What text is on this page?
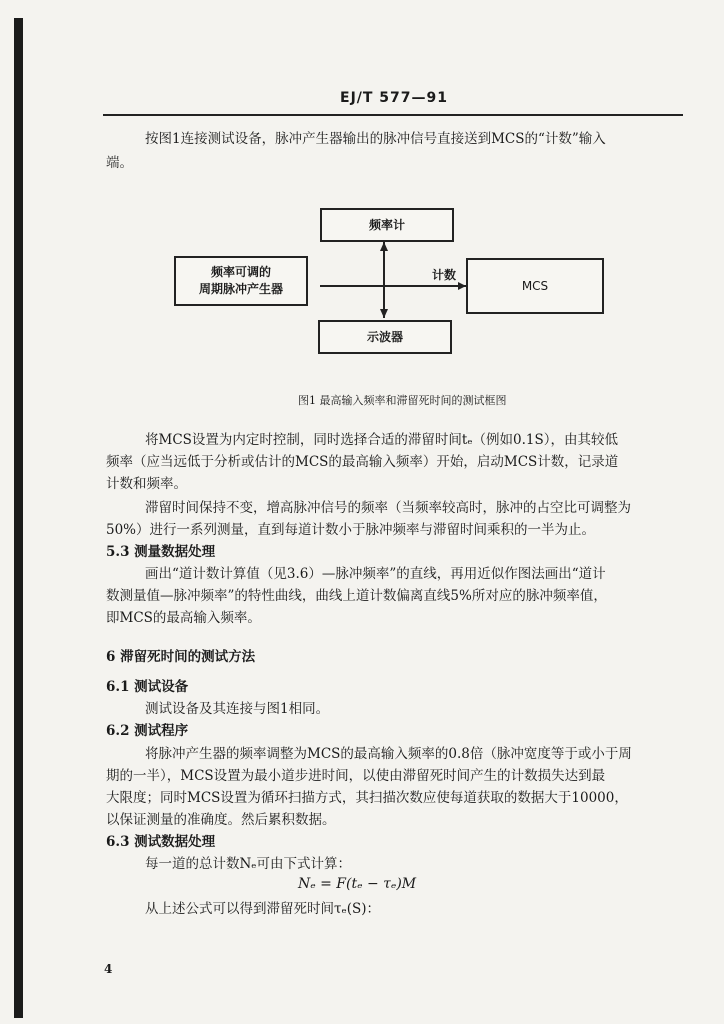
EJ/T 577—91
按图1连接测试设备，脉冲产生器输出的脉冲信号直接送到MCS的“计数”输入
端。
频率计
频率可调的
周期脉冲产生器
计数
MCS
示波器
图1 最高输入频率和滞留死时间的测试框图
将MCS设置为内定时控制，同时选择合适的滞留时间tₑ（例如0.1S），由其较低
频率（应当远低于分析或估计的MCS的最高输入频率）开始，启动MCS计数，记录道
计数和频率。
滞留时间保持不变，增高脉冲信号的频率（当频率较高时，脉冲的占空比可调整为
50%）进行一系列测量，直到每道计数小于脉冲频率与滞留时间乘积的一半为止。
5.3 测量数据处理
画出“道计数计算值（见3.6）—脉冲频率”的直线，再用近似作图法画出“道计
数测量值—脉冲频率”的特性曲线，曲线上道计数偏离直线5%所对应的脉冲频率值，
即MCS的最高输入频率。
6 滞留死时间的测试方法
6.1 测试设备
测试设备及其连接与图1相同。
6.2 测试程序
将脉冲产生器的频率调整为MCS的最高输入频率的0.8倍（脉冲宽度等于或小于周
期的一半），MCS设置为最小道步进时间，以使由滞留死时间产生的计数损失达到最
大限度；同时MCS设置为循环扫描方式，其扫描次数应使每道获取的数据大于10000，
以保证测量的准确度。然后累积数据。
6.3 测试数据处理
每一道的总计数Nₑ可由下式计算：
Nₑ = F(tₑ − τₑ)M
从上述公式可以得到滞留死时间τₑ(S)：
4
